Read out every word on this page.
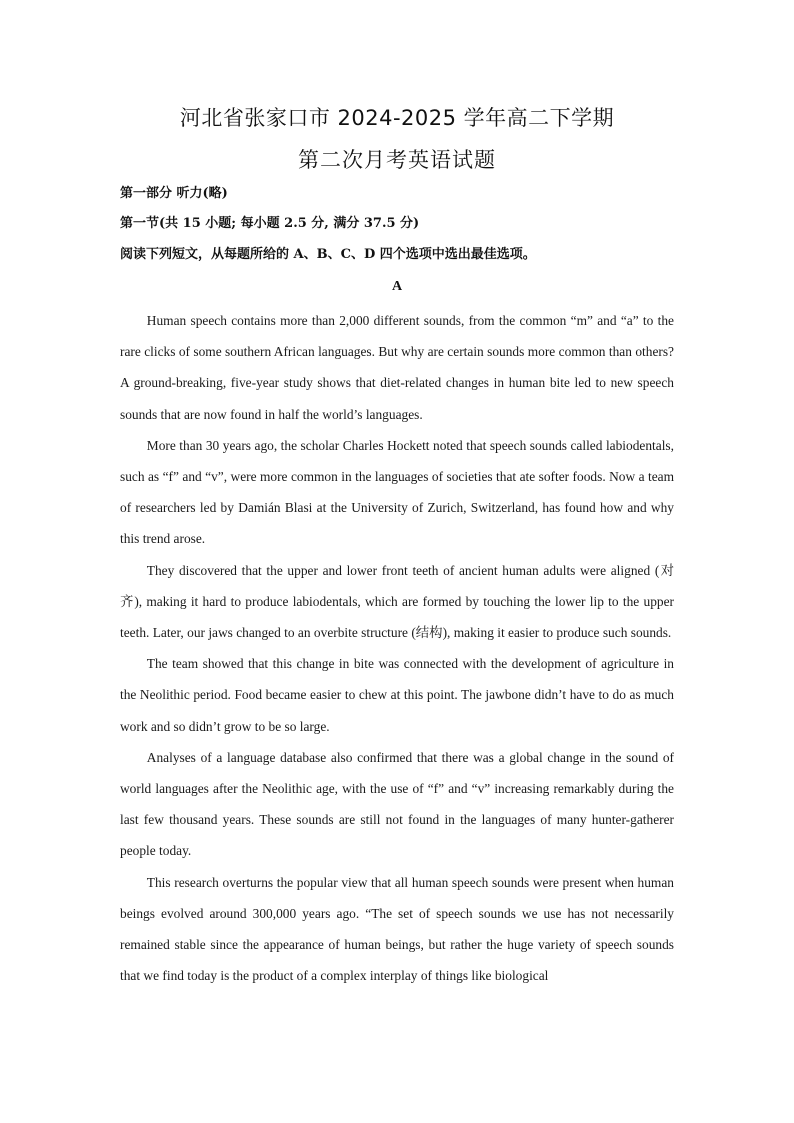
河北省张家口市 2024-2025 学年高二下学期
第二次月考英语试题
第一部分 听力(略)
第一节(共 15 小题; 每小题 2.5 分, 满分 37.5 分)
阅读下列短文，从每题所给的 A、B、C、D 四个选项中选出最佳选项。
A

Human speech contains more than 2,000 different sounds, from the common “m” and “a” to the rare clicks of some southern African languages. But why are certain sounds more common than others? A ground-breaking, five-year study shows that diet-related changes in human bite led to new speech sounds that are now found in half the world’s languages.

More than 30 years ago, the scholar Charles Hockett noted that speech sounds called labiodentals, such as “f” and “v”, were more common in the languages of societies that ate softer foods. Now a team of researchers led by Damián Blasi at the University of Zurich, Switzerland, has found how and why this trend arose.

They discovered that the upper and lower front teeth of ancient human adults were aligned (对齐), making it hard to produce labiodentals, which are formed by touching the lower lip to the upper teeth. Later, our jaws changed to an overbite structure (结构), making it easier to produce such sounds.

The team showed that this change in bite was connected with the development of agriculture in the Neolithic period. Food became easier to chew at this point. The jawbone didn’t have to do as much work and so didn’t grow to be so large.

Analyses of a language database also confirmed that there was a global change in the sound of world languages after the Neolithic age, with the use of “f” and “v” increasing remarkably during the last few thousand years. These sounds are still not found in the languages of many hunter-gatherer people today.

This research overturns the popular view that all human speech sounds were present when human beings evolved around 300,000 years ago. “The set of speech sounds we use has not necessarily remained stable since the appearance of human beings, but rather the huge variety of speech sounds that we find today is the product of a complex interplay of things like biological
